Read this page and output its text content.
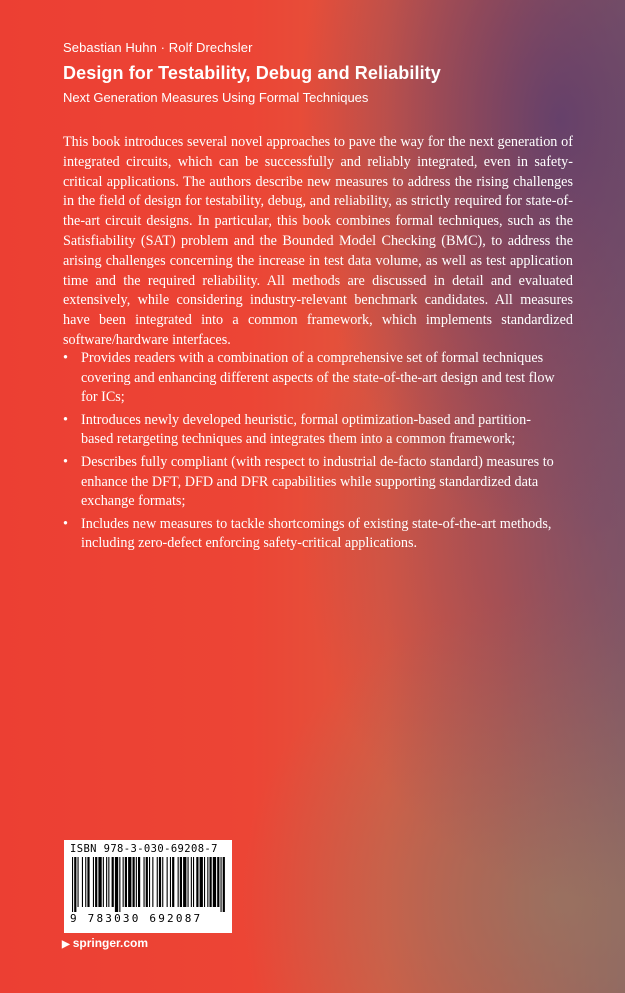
Sebastian Huhn · Rolf Drechsler

Design for Testability, Debug and Reliability

Next Generation Measures Using Formal Techniques

This book introduces several novel approaches to pave the way for the next generation of integrated circuits, which can be successfully and reliably integrated, even in safety-critical applications. The authors describe new measures to address the rising challenges in the field of design for testability, debug, and reliability, as strictly required for state-of-the-art circuit designs. In particular, this book combines formal techniques, such as the Satisfiability (SAT) problem and the Bounded Model Checking (BMC), to address the arising challenges concerning the increase in test data volume, as well as test application time and the required reliability. All methods are discussed in detail and evaluated extensively, while considering industry-relevant benchmark candidates. All measures have been integrated into a common framework, which implements standardized software/hardware interfaces.

• Provides readers with a combination of a comprehensive set of formal techniques covering and enhancing different aspects of the state-of-the-art design and test flow for ICs;
• Introduces newly developed heuristic, formal optimization-based and partition-based retargeting techniques and integrates them into a common framework;
• Describes fully compliant (with respect to industrial de-facto standard) measures to enhance the DFT, DFD and DFR capabilities while supporting standardized data exchange formats;
• Includes new measures to tackle shortcomings of existing state-of-the-art methods, including zero-defect enforcing safety-critical applications.
ISBN 978-3-030-69208-7
9 783030 692087
▶ springer.com
